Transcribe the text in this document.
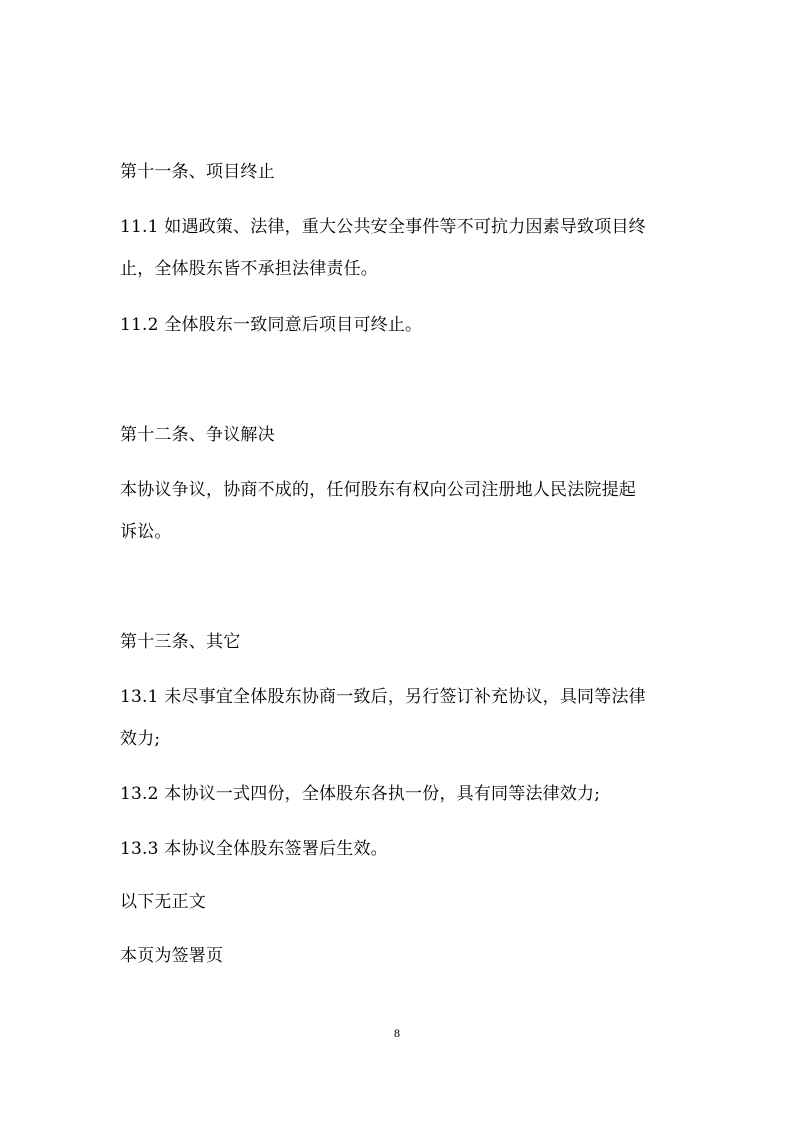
第十一条、项目终止
11.1 如遇政策、法律，重大公共安全事件等不可抗力因素导致项目终
止，全体股东皆不承担法律责任。
11.2 全体股东一致同意后项目可终止。
第十二条、争议解决
本协议争议，协商不成的，任何股东有权向公司注册地人民法院提起
诉讼。
第十三条、其它
13.1 未尽事宜全体股东协商一致后，另行签订补充协议，具同等法律
效力;
13.2 本协议一式四份，全体股东各执一份，具有同等法律效力;
13.3 本协议全体股东签署后生效。
以下无正文
本页为签署页
8
